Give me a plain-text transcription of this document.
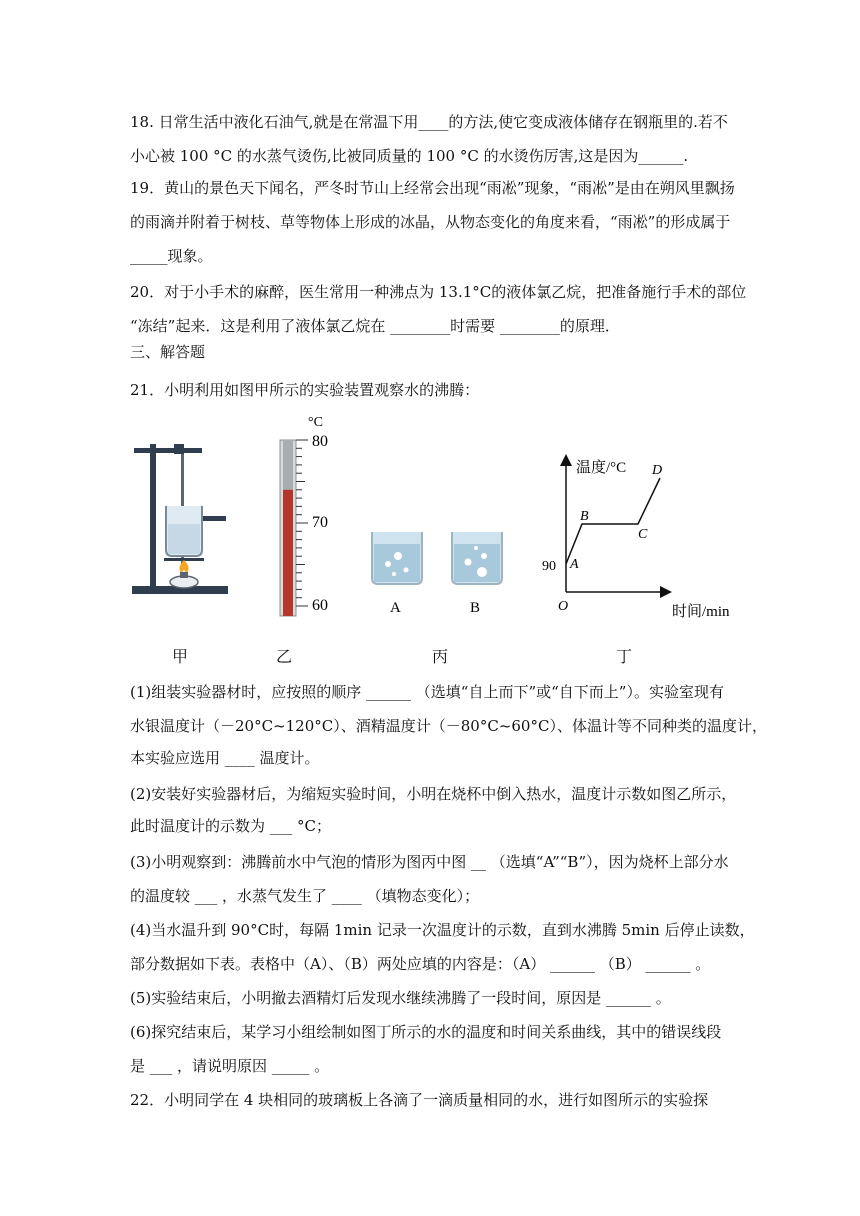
18. 日常生活中液化石油气,就是在常温下用____的方法,使它变成液体储存在钢瓶里的.若不
小心被 100 °C 的水蒸气烫伤,比被同质量的 100 °C 的水烫伤厉害,这是因为______.
19．黄山的景色天下闻名，严冬时节山上经常会出现“雨凇”现象，“雨凇”是由在朔风里飘扬
的雨滴并附着于树枝、草等物体上形成的冰晶，从物态变化的角度来看，“雨凇”的形成属于
_____现象。
20．对于小手术的麻醉，医生常用一种沸点为 13.1°C的液体氯乙烷，把准备施行手术的部位
“冻结”起来．这是利用了液体氯乙烷在 ________时需要 ________的原理．
三、解答题
21．小明利用如图甲所示的实验装置观察水的沸腾：
°C
80
70
60	A	B
温度/°C
时间/min
O
90 A
B
C
D
甲	乙	丙	丁
(1)组装实验器材时，应按照的顺序 ______ （选填“自上而下”或“自下而上”）。实验室现有
水银温度计（－20°C~120°C）、酒精温度计（－80°C~60°C）、体温计等不同种类的温度计，
本实验应选用 ____ 温度计。
(2)安装好实验器材后，为缩短实验时间，小明在烧杯中倒入热水，温度计示数如图乙所示，
此时温度计的示数为 ___ °C；
(3)小明观察到：沸腾前水中气泡的情形为图丙中图 __ （选填“A”“B”），因为烧杯上部分水
的温度较 ___ ，水蒸气发生了 ____ （填物态变化）；
(4)当水温升到 90°C时，每隔 1min 记录一次温度计的示数，直到水沸腾 5min 后停止读数，
部分数据如下表。表格中（A）、（B）两处应填的内容是：（A） ______ （B） ______ 。
(5)实验结束后，小明撤去酒精灯后发现水继续沸腾了一段时间，原因是 ______ 。
(6)探究结束后，某学习小组绘制如图丁所示的水的温度和时间关系曲线，其中的错误线段
是 ___ ，请说明原因 _____ 。
22．小明同学在 4 块相同的玻璃板上各滴了一滴质量相同的水，进行如图所示的实验探
